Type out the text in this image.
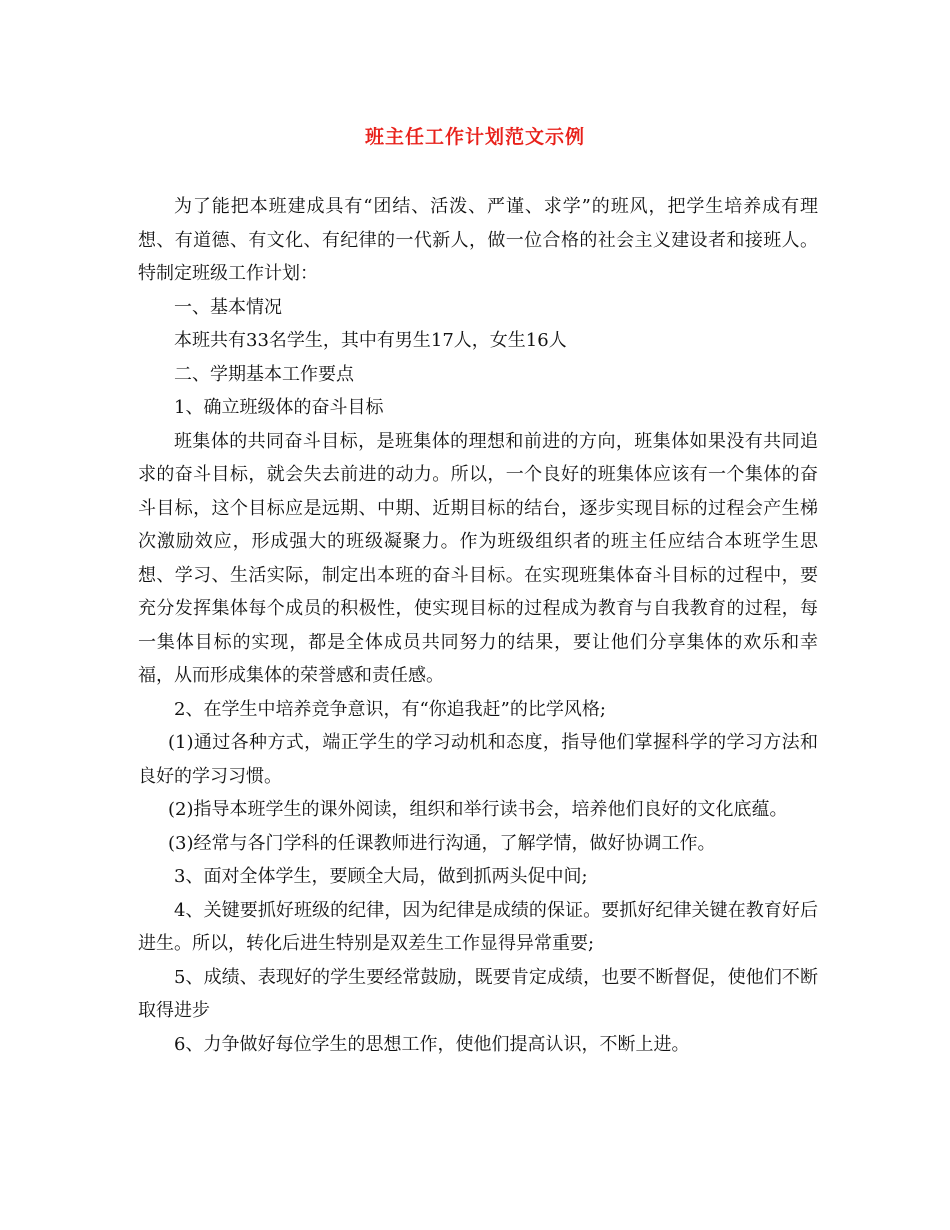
班主任工作计划范文示例

为了能把本班建成具有“团结、活泼、严谨、求学”的班风，把学生培养成有理想、有道德、有文化、有纪律的一代新人，做一位合格的社会主义建设者和接班人。特制定班级工作计划：

一、基本情况

本班共有33名学生，其中有男生17人，女生16人

二、学期基本工作要点

1、确立班级体的奋斗目标

班集体的共同奋斗目标，是班集体的理想和前进的方向，班集体如果没有共同追求的奋斗目标，就会失去前进的动力。所以，一个良好的班集体应该有一个集体的奋斗目标，这个目标应是远期、中期、近期目标的结台，逐步实现目标的过程会产生梯次激励效应，形成强大的班级凝聚力。作为班级组织者的班主任应结合本班学生思想、学习、生活实际，制定出本班的奋斗目标。在实现班集体奋斗目标的过程中，要充分发挥集体每个成员的积极性，使实现目标的过程成为教育与自我教育的过程，每一集体目标的实现，都是全体成员共同努力的结果，要让他们分享集体的欢乐和幸福，从而形成集体的荣誉感和责任感。

2、在学生中培养竞争意识，有“你追我赶”的比学风格;

(1)通过各种方式，端正学生的学习动机和态度，指导他们掌握科学的学习方法和良好的学习习惯。

(2)指导本班学生的课外阅读，组织和举行读书会，培养他们良好的文化底蕴。

(3)经常与各门学科的任课教师进行沟通，了解学情，做好协调工作。

3、面对全体学生，要顾全大局，做到抓两头促中间;

4、关键要抓好班级的纪律，因为纪律是成绩的保证。要抓好纪律关键在教育好后进生。所以，转化后进生特别是双差生工作显得异常重要;

5、成绩、表现好的学生要经常鼓励，既要肯定成绩，也要不断督促，使他们不断取得进步

6、力争做好每位学生的思想工作，使他们提高认识，不断上进。
